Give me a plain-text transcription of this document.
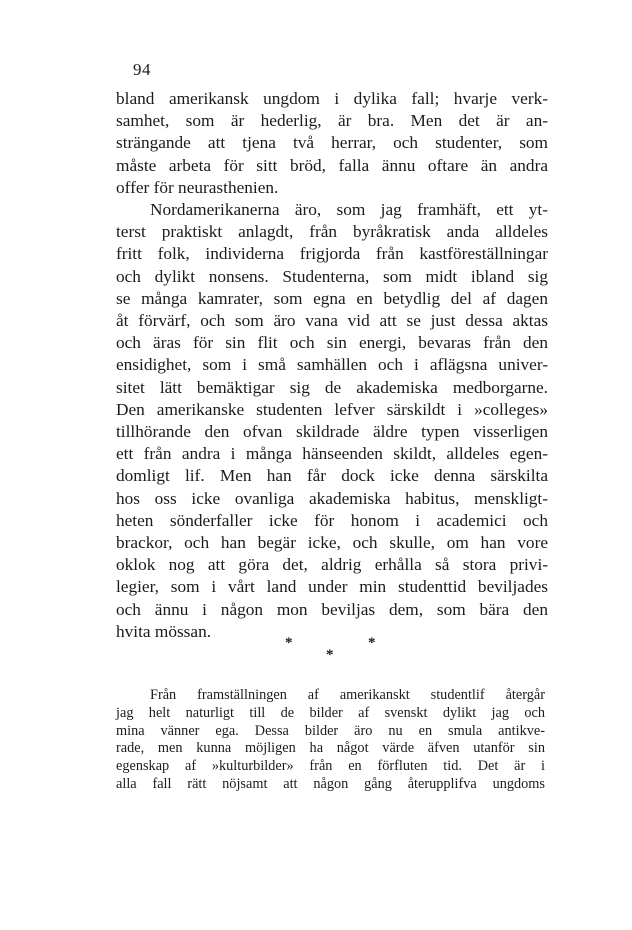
94
bland amerikansk ungdom i dylika fall; hvarje verk-
samhet, som är hederlig, är bra. Men det är an-
strängande att tjena två herrar, och studenter, som
måste arbeta för sitt bröd, falla ännu oftare än andra
offer för neurasthenien.
Nordamerikanerna äro, som jag framhäft, ett yt-
terst praktiskt anlagdt, från byråkratisk anda alldeles
fritt folk, individerna frigjorda från kastföreställningar
och dylikt nonsens. Studenterna, som midt ibland sig
se många kamrater, som egna en betydlig del af dagen
åt förvärf, och som äro vana vid att se just dessa aktas
och äras för sin flit och sin energi, bevaras från den
ensidighet, som i små samhällen och i aflägsna univer-
sitet lätt bemäktigar sig de akademiska medborgarne.
Den amerikanske studenten lefver särskildt i »colleges»
tillhörande den ofvan skildrade äldre typen visserligen
ett från andra i många hänseenden skildt, alldeles egen-
domligt lif. Men han får dock icke denna särskilta
hos oss icke ovanliga akademiska habitus, menskligt-
heten sönderfaller icke för honom i academici och
brackor, och han begär icke, och skulle, om han vore
oklok nog att göra det, aldrig erhålla så stora privi-
legier, som i vårt land under min studenttid beviljades
och ännu i någon mon beviljas dem, som bära den
hvita mössan.
*	*
*
Från framställningen af amerikanskt studentlif återgår
jag helt naturligt till de bilder af svenskt dylikt jag och
mina vänner ega. Dessa bilder äro nu en smula antikve-
rade, men kunna möjligen ha något värde äfven utanför sin
egenskap af »kulturbilder» från en förfluten tid. Det är i
alla fall rätt nöjsamt att någon gång återupplifva ungdoms
